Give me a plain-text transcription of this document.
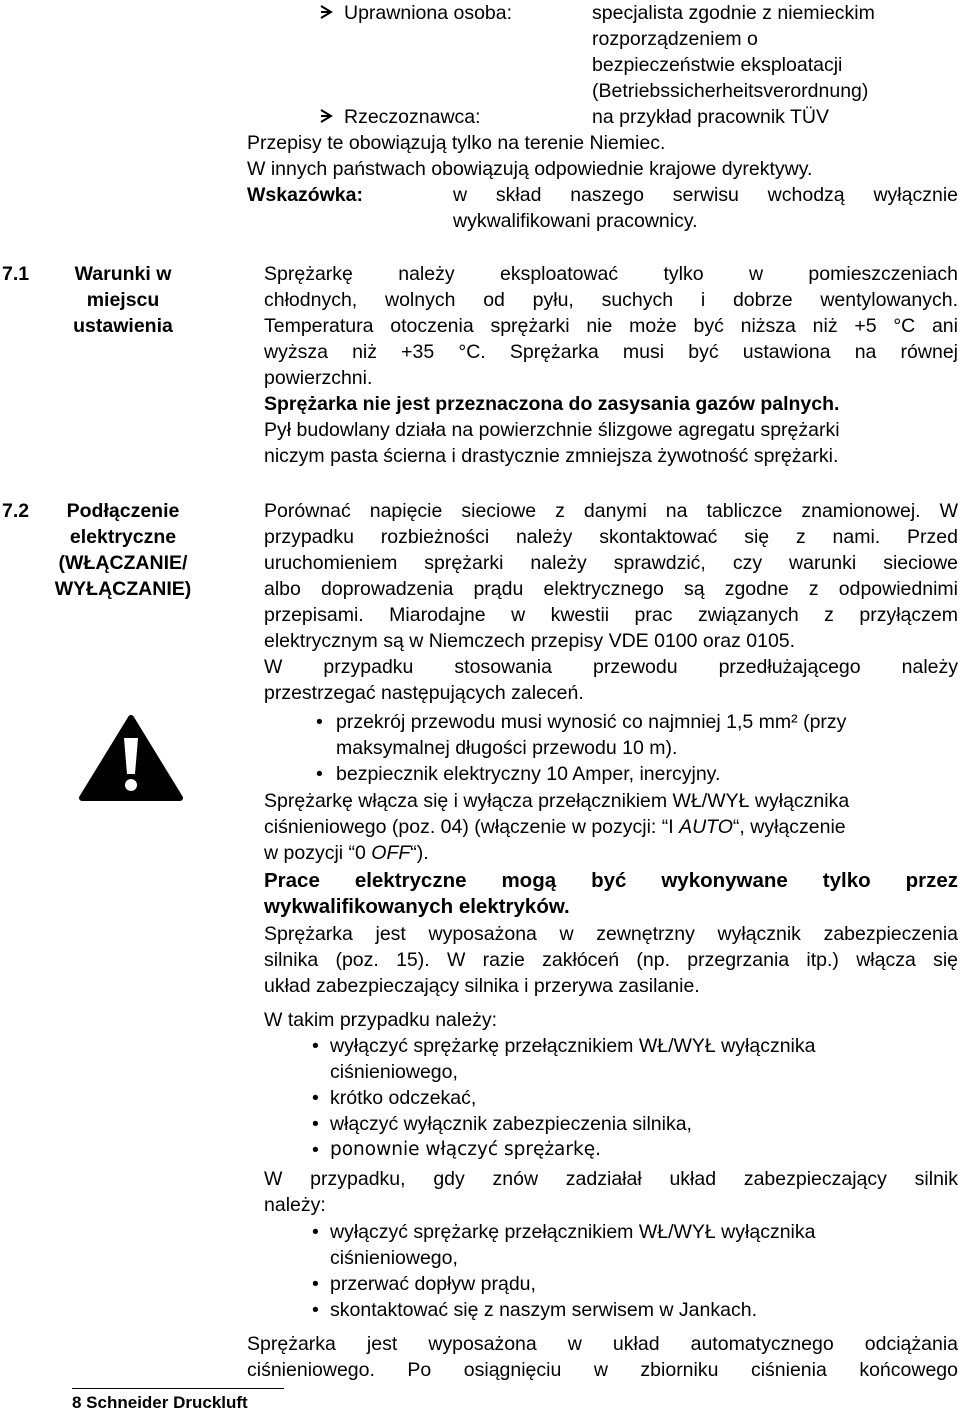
Uprawniona osoba:	specjalista zgodnie z niemieckim
rozporządzeniem o
bezpieczeństwie eksploatacji
(Betriebssicherheitsverordnung)
Rzeczoznawca:	na przykład pracownik TÜV
Przepisy te obowiązują tylko na terenie Niemiec.
W innych państwach obowiązują odpowiednie krajowe dyrektywy.
Wskazówka:	w skład naszego serwisu wchodzą wyłącznie
wykwalifikowani pracownicy.
7.1	Warunki w
miejscu
ustawienia
Sprężarkę należy eksploatować tylko w pomieszczeniach
chłodnych, wolnych od pyłu, suchych i dobrze wentylowanych.
Temperatura otoczenia sprężarki nie może być niższa niż +5 °C ani
wyższa niż +35 °C. Sprężarka musi być ustawiona na równej
powierzchni.
Sprężarka nie jest przeznaczona do zasysania gazów palnych.
Pył budowlany działa na powierzchnie ślizgowe agregatu sprężarki
niczym pasta ścierna i drastycznie zmniejsza żywotność sprężarki.
7.2	Podłączenie
elektryczne
(WŁĄCZANIE/
WYŁĄCZANIE)
Porównać napięcie sieciowe z danymi na tabliczce znamionowej. W
przypadku rozbieżności należy skontaktować się z nami. Przed
uruchomieniem sprężarki należy sprawdzić, czy warunki sieciowe
albo doprowadzenia prądu elektrycznego są zgodne z odpowiednimi
przepisami. Miarodajne w kwestii prac związanych z przyłączem
elektrycznym są w Niemczech przepisy VDE 0100 oraz 0105.
W przypadku stosowania przewodu przedłużającego należy
przestrzegać następujących zaleceń.
• przekrój przewodu musi wynosić co najmniej 1,5 mm² (przy
maksymalnej długości przewodu 10 m).
• bezpiecznik elektryczny 10 Amper, inercyjny.
Sprężarkę włącza się i wyłącza przełącznikiem WŁ/WYŁ wyłącznika
ciśnieniowego (poz. 04) (włączenie w pozycji: “I AUTO“, wyłączenie
w pozycji “0 OFF“).
Prace elektryczne mogą być wykonywane tylko przez
wykwalifikowanych elektryków.
Sprężarka jest wyposażona w zewnętrzny wyłącznik zabezpieczenia
silnika (poz. 15). W razie zakłóceń (np. przegrzania itp.) włącza się
układ zabezpieczający silnika i przerywa zasilanie.
W takim przypadku należy:
• wyłączyć sprężarkę przełącznikiem WŁ/WYŁ wyłącznika
ciśnieniowego,
• krótko odczekać,
• włączyć wyłącznik zabezpieczenia silnika,
• ponownie włączyć sprężarkę.
W przypadku, gdy znów zadziałał układ zabezpieczający silnik
należy:
• wyłączyć sprężarkę przełącznikiem WŁ/WYŁ wyłącznika
ciśnieniowego,
• przerwać dopływ prądu,
• skontaktować się z naszym serwisem w Jankach.
Sprężarka jest wyposażona w układ automatycznego odciążania
ciśnieniowego. Po osiągnięciu w zbiorniku ciśnienia końcowego
8 Schneider Druckluft
